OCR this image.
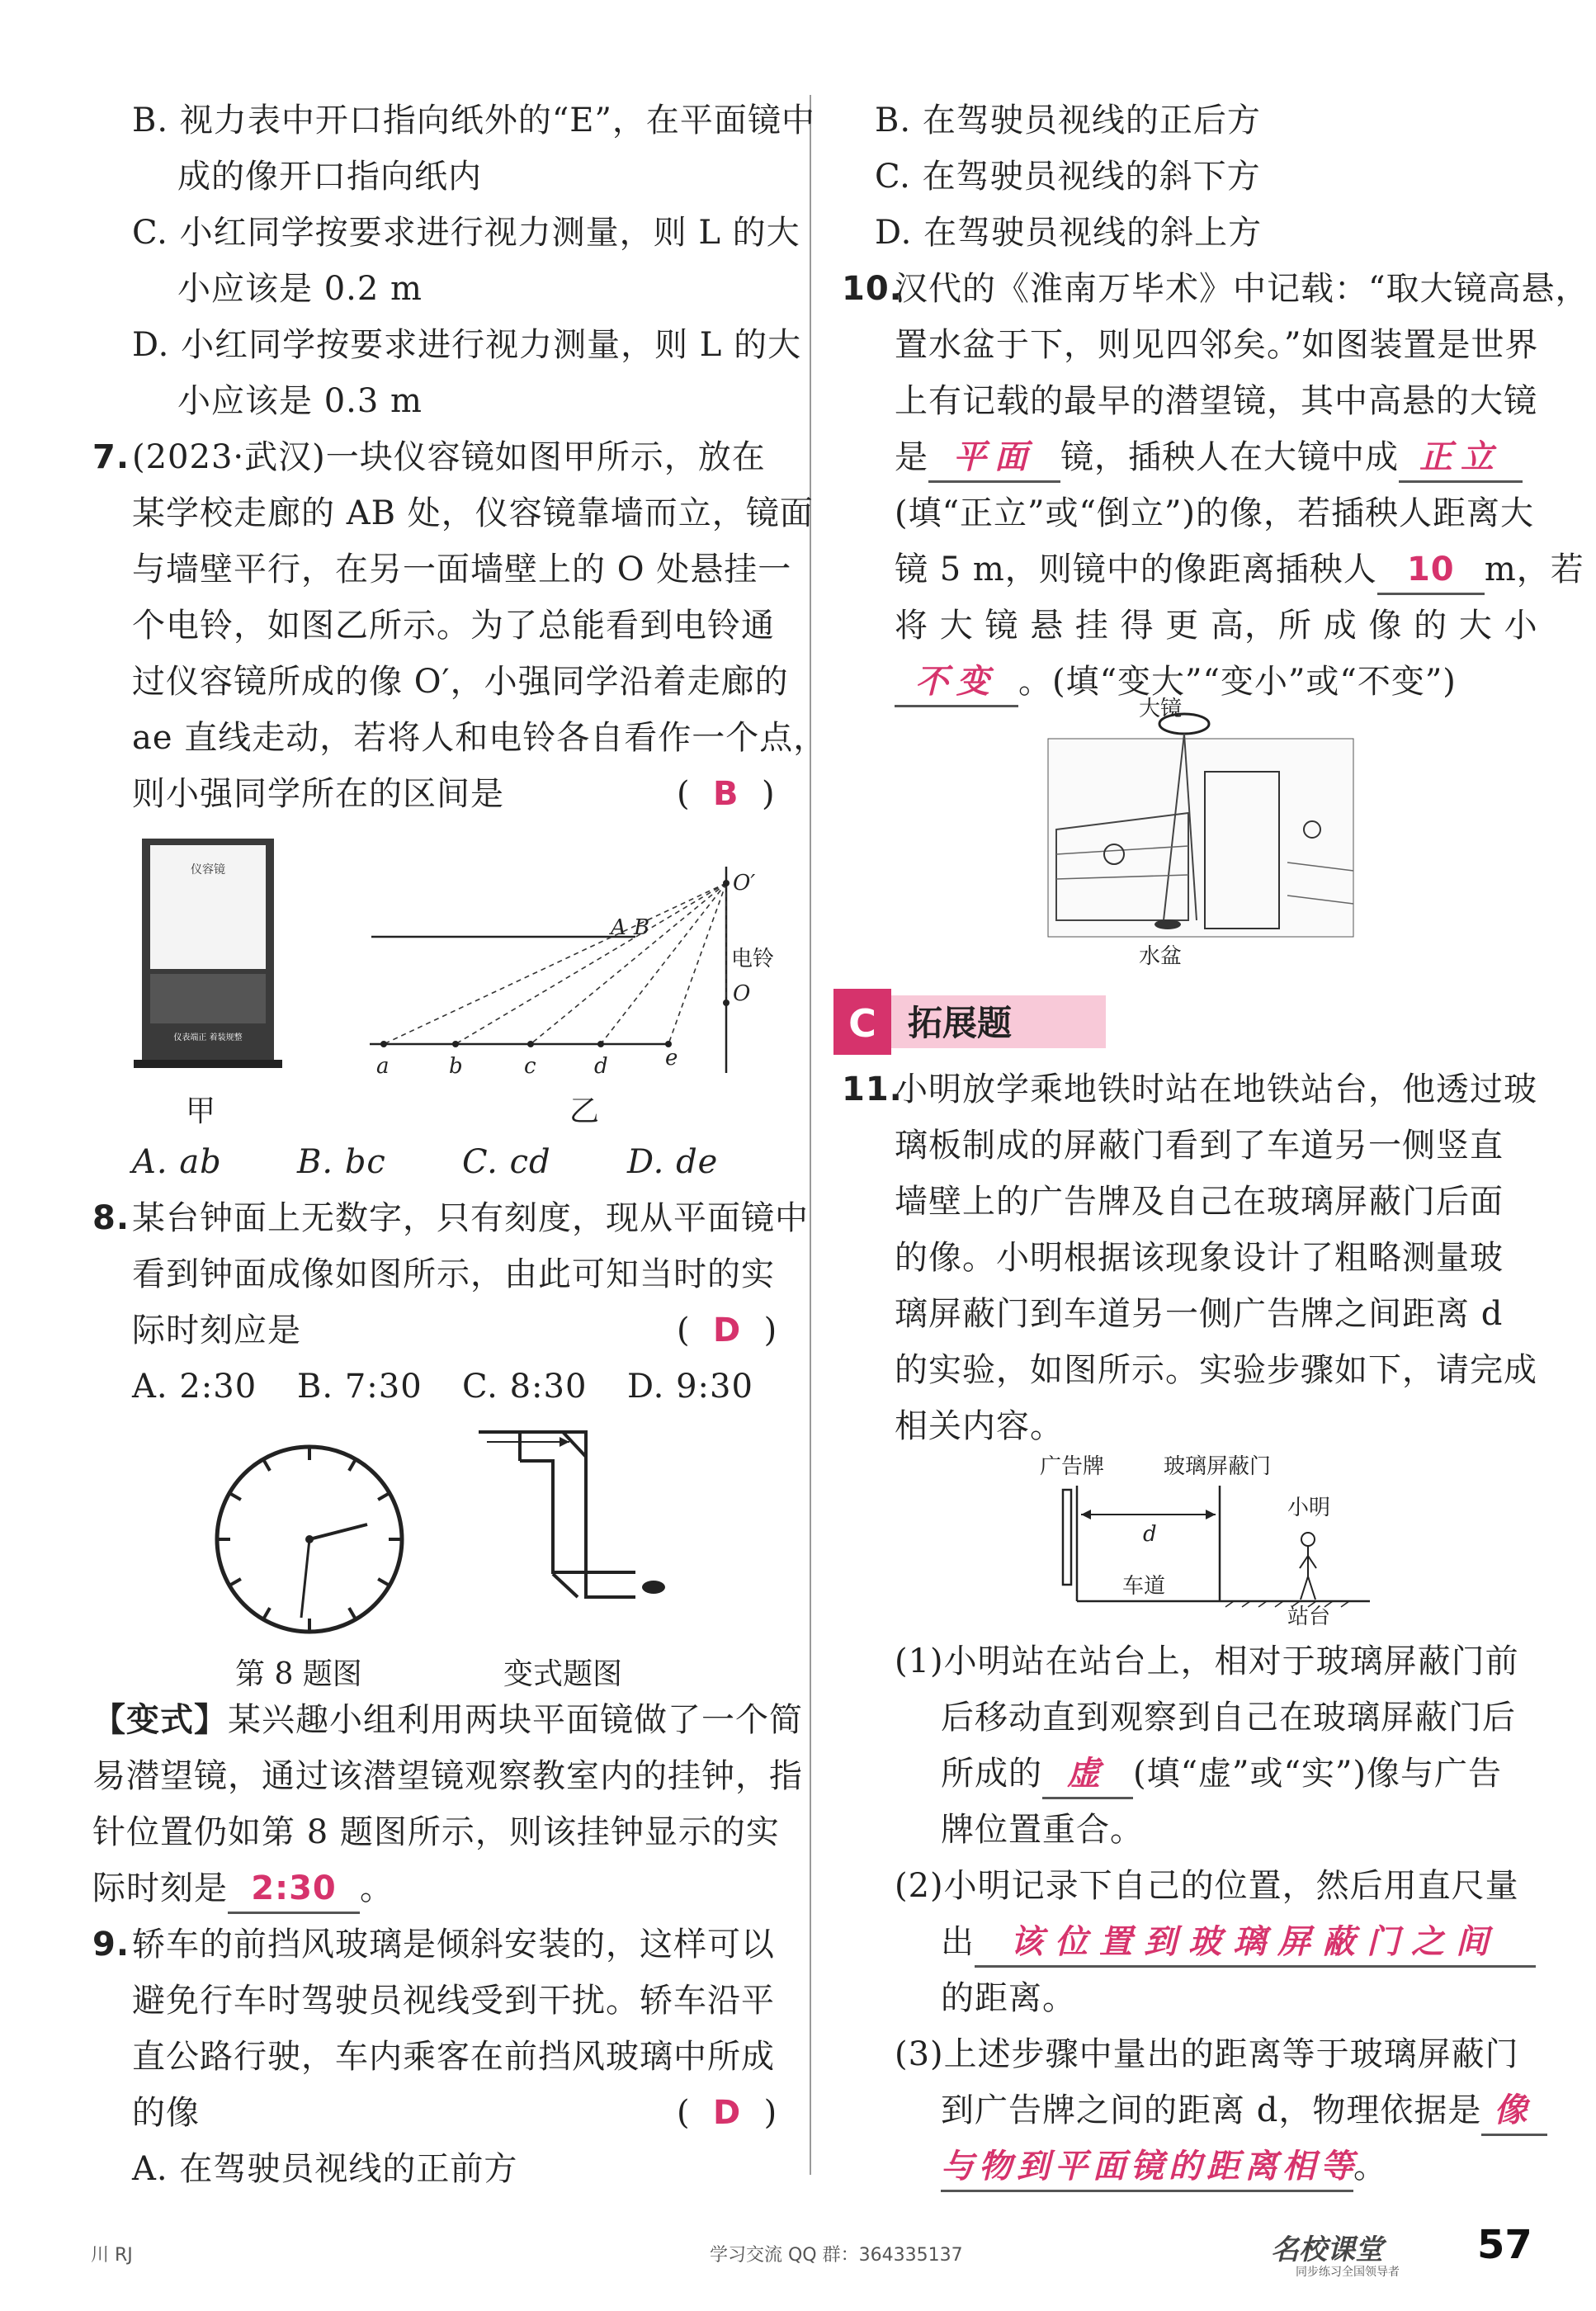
B. 视力表中开口指向纸外的“E”，在平面镜中
成的像开口指向纸内
C. 小红同学按要求进行视力测量，则 L 的大
小应该是 0.2 m
D. 小红同学按要求进行视力测量，则 L 的大
小应该是 0.3 m
7. (2023·武汉)一块仪容镜如图甲所示，放在
某学校走廊的 AB 处，仪容镜靠墙而立，镜面
与墙壁平行，在另一面墙壁上的 O 处悬挂一
个电铃，如图乙所示。为了总能看到电铃通
过仪容镜所成的像 O′，小强同学沿着走廊的
ae 直线走动，若将人和电铃各自看作一个点，
则小强同学所在的区间是	(  B  )
仪容镜
仪表端正 着装规整
甲
A B
O′
O
a	b	c	d	e
电铃
乙
A. ab B. bc C. cd D. de
8. 某台钟面上无数字，只有刻度，现从平面镜中
看到钟面成像如图所示，由此可知当时的实
际时刻应是	(  D  )
A. 2:30 B. 7:30 C. 8:30 D. 9:30
第 8 题图	变式题图
【变式】某兴趣小组利用两块平面镜做了一个简
易潜望镜，通过该潜望镜观察教室内的挂钟，指
针位置仍如第 8 题图所示，则该挂钟显示的实
际时刻是 2:30 。
9. 轿车的前挡风玻璃是倾斜安装的，这样可以
避免行车时驾驶员视线受到干扰。轿车沿平
直公路行驶，车内乘客在前挡风玻璃中所成
的像	(  D  )
A. 在驾驶员视线的正前方
B. 在驾驶员视线的正后方
C. 在驾驶员视线的斜下方
D. 在驾驶员视线的斜上方
10.
汉代的《淮南万毕术》中记载：“取大镜高悬，
置水盆于下，则见四邻矣。”如图装置是世界
上有记载的最早的潜望镜，其中高悬的大镜
是 平面 镜，插秧人在大镜中成 正立
(填“正立”或“倒立”)的像，若插秧人距离大
镜 5 m，则镜中的像距离插秧人 10 m，若
将 大 镜 悬 挂 得 更 高，所 成 像 的 大 小
不变 。(填“变大”“变小”或“不变”)
大镜
水盆
C 拓展题
11.
小明放学乘地铁时站在地铁站台，他透过玻
璃板制成的屏蔽门看到了车道另一侧竖直
墙壁上的广告牌及自己在玻璃屏蔽门后面
的像。小明根据该现象设计了粗略测量玻
璃屏蔽门到车道另一侧广告牌之间距离 d
的实验，如图所示。实验步骤如下，请完成
相关内容。
广告牌	玻璃屏蔽门
d
车道
小明
站台
(1)小明站在站台上，相对于玻璃屏蔽门前
后移动直到观察到自己在玻璃屏蔽门后
所成的 虚 (填“虚”或“实”)像与广告
牌位置重合。
(2)小明记录下自己的位置，然后用直尺量
出 该位置到玻璃屏蔽门之间
的距离。
(3)上述步骤中量出的距离等于玻璃屏蔽门
到广告牌之间的距离 d，物理依据是 像
与物到平面镜的距离相等。
川 RJ	学习交流 QQ 群：364335137	名校课堂
同步练习全国领导者
57
